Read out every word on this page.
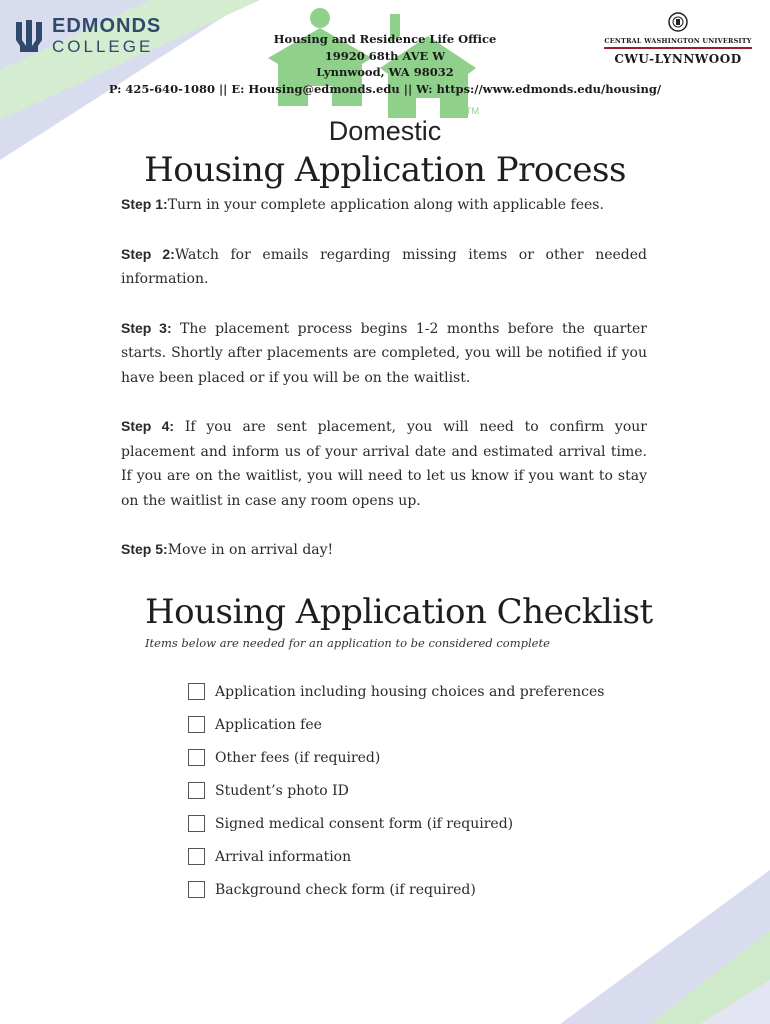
EDMONDS
COLLEGE	Housing and Residence Life Office
19920 68th AVE W
Lynnwood, WA 98032
P: 425-640-1080 || E: Housing@edmonds.edu || W: https://www.edmonds.edu/housing/
TM
CENTRAL WASHINGTON UNIVERSITY
CWU-LYNNWOOD
Domestic
Housing Application Process

Step 1:Turn in your complete application along with applicable fees.

Step 2:Watch for emails regarding missing items or other needed information.

Step 3: The placement process begins 1-2 months before the quarter starts. Shortly after placements are completed, you will be notified if you have been placed or if you will be on the waitlist.

Step 4: If you are sent placement, you will need to confirm your placement and inform us of your arrival date and estimated arrival time. If you are on the waitlist, you will need to let us know if you want to stay on the waitlist in case any room opens up.

Step 5:Move in on arrival day!

Housing Application Checklist
Items below are needed for an application to be considered complete
Application including housing choices and preferences
Application fee
Other fees (if required)
Student’s photo ID
Signed medical consent form (if required)
Arrival information
Background check form (if required)
